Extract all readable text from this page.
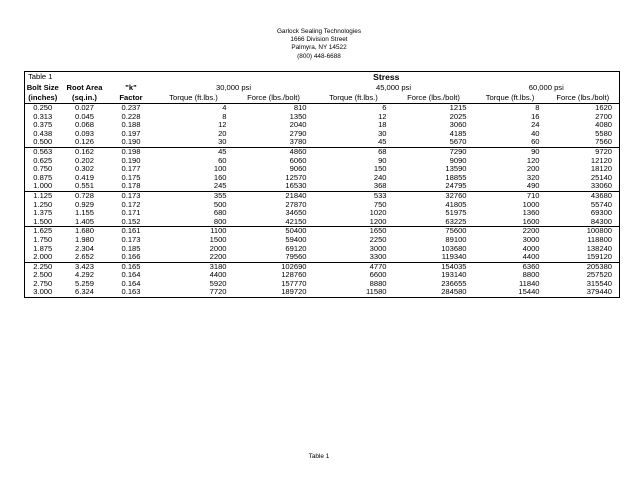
Garlock Sealing Technologies
1666 Division Street
Palmyra, NY 14522
(800) 448-6688
Table 1			Stress					
Bolt Size	Root Area	"k"	30,000 psi		45,000 psi		60,000 psi	
(inches)	(sq.in.)	Factor	Torque (ft.lbs.)	Force (lbs./bolt)	Torque (ft.lbs.)	Force (lbs./bolt)	Torque (ft.lbs.)	Force (lbs./bolt)
0.250	0.027	0.237	4	810	6	1215	8	1620
0.313	0.045	0.228	8	1350	12	2025	16	2700
0.375	0.068	0.188	12	2040	18	3060	24	4080
0.438	0.093	0.197	20	2790	30	4185	40	5580
0.500	0.126	0.190	30	3780	45	5670	60	7560
0.563	0.162	0.198	45	4860	68	7290	90	9720
0.625	0.202	0.190	60	6060	90	9090	120	12120
0.750	0.302	0.177	100	9060	150	13590	200	18120
0.875	0.419	0.175	160	12570	240	18855	320	25140
1.000	0.551	0.178	245	16530	368	24795	490	33060
1.125	0.728	0.173	355	21840	533	32760	710	43680
1.250	0.929	0.172	500	27870	750	41805	1000	55740
1.375	1.155	0.171	680	34650	1020	51975	1360	69300
1.500	1.405	0.152	800	42150	1200	63225	1600	84300
1.625	1.680	0.161	1100	50400	1650	75600	2200	100800
1.750	1.980	0.173	1500	59400	2250	89100	3000	118800
1.875	2.304	0.185	2000	69120	3000	103680	4000	138240
2.000	2.652	0.166	2200	79560	3300	119340	4400	159120
2.250	3.423	0.165	3180	102690	4770	154035	6360	205380
2.500	4.292	0.164	4400	128760	6600	193140	8800	257520
2.750	5.259	0.164	5920	157770	8880	236655	11840	315540
3.000	6.324	0.163	7720	189720	11580	284580	15440	379440
Table 1
